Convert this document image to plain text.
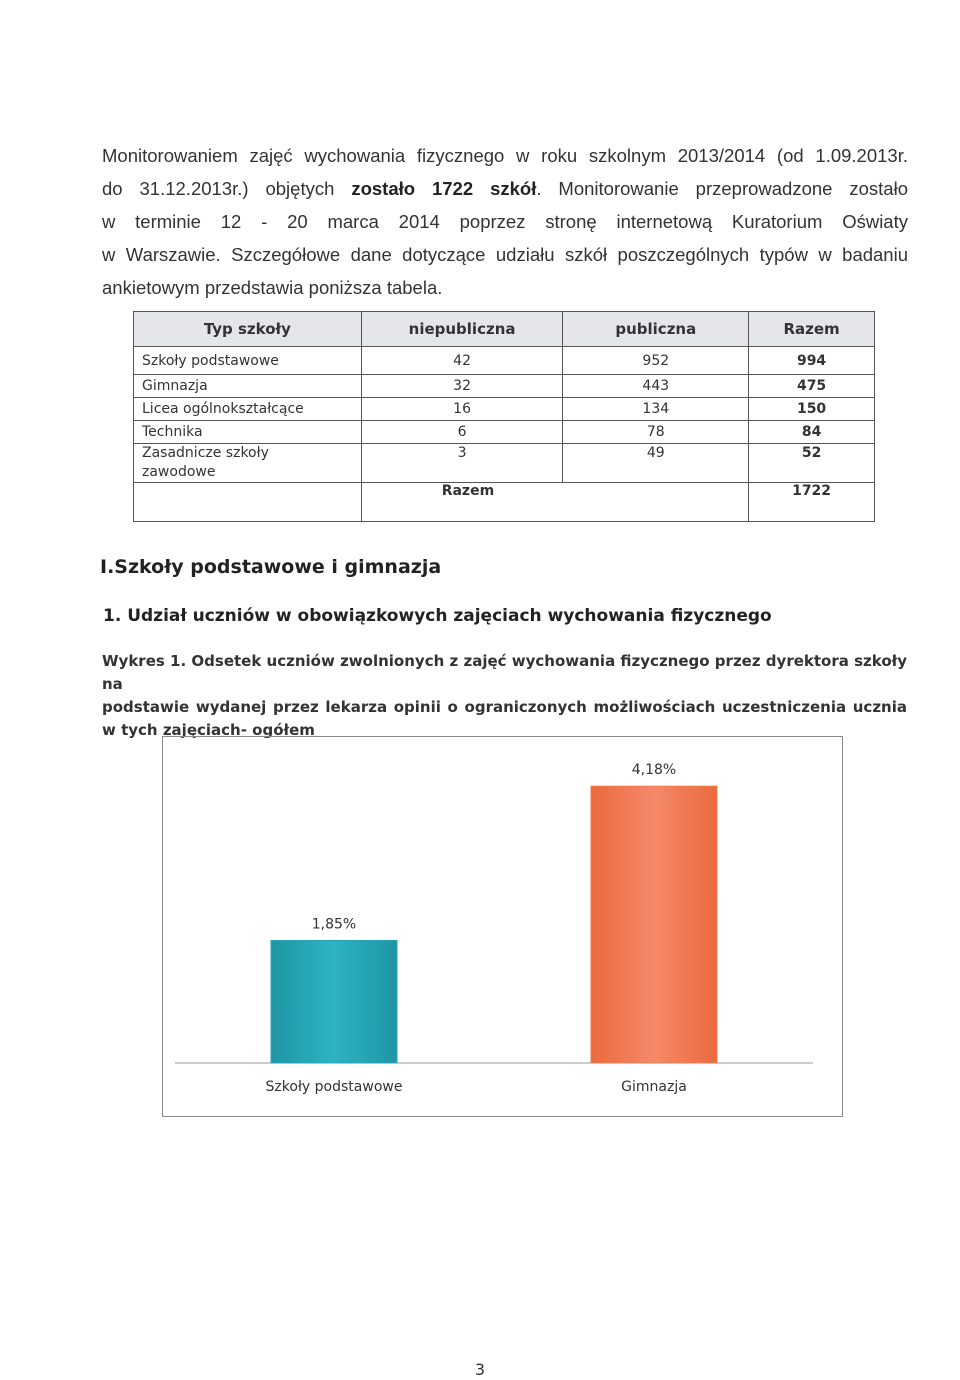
Monitorowaniem zajęć wychowania fizycznego w roku szkolnym 2013/2014 (od 1.09.2013r.
do 31.12.2013r.) objętych zostało 1722 szkół. Monitorowanie przeprowadzone zostało
w terminie 12 - 20 marca 2014 poprzez stronę internetową Kuratorium Oświaty
w Warszawie. Szczegółowe dane dotyczące udziału szkół poszczególnych typów w badaniu
ankietowym przedstawia poniższa tabela.
Typ szkoły	niepubliczna	publiczna	Razem
Szkoły podstawowe	42	952	994
Gimnazja	32	443	475
Licea ogólnokształcące	16	134	150
Technika	6	78	84
Zasadnicze szkoły
zawodowe	3	49	52
	Razem		1722
I.Szkoły podstawowe i gimnazja
1. Udział uczniów w obowiązkowych zajęciach wychowania fizycznego
Wykres 1. Odsetek uczniów zwolnionych z zajęć wychowania fizycznego przez dyrektora szkoły na
podstawie wydanej przez lekarza opinii o ograniczonych możliwościach uczestniczenia ucznia
w tych zajęciach- ogółem
1,85%
Szkoły podstawowe
4,18%
Gimnazja
3
